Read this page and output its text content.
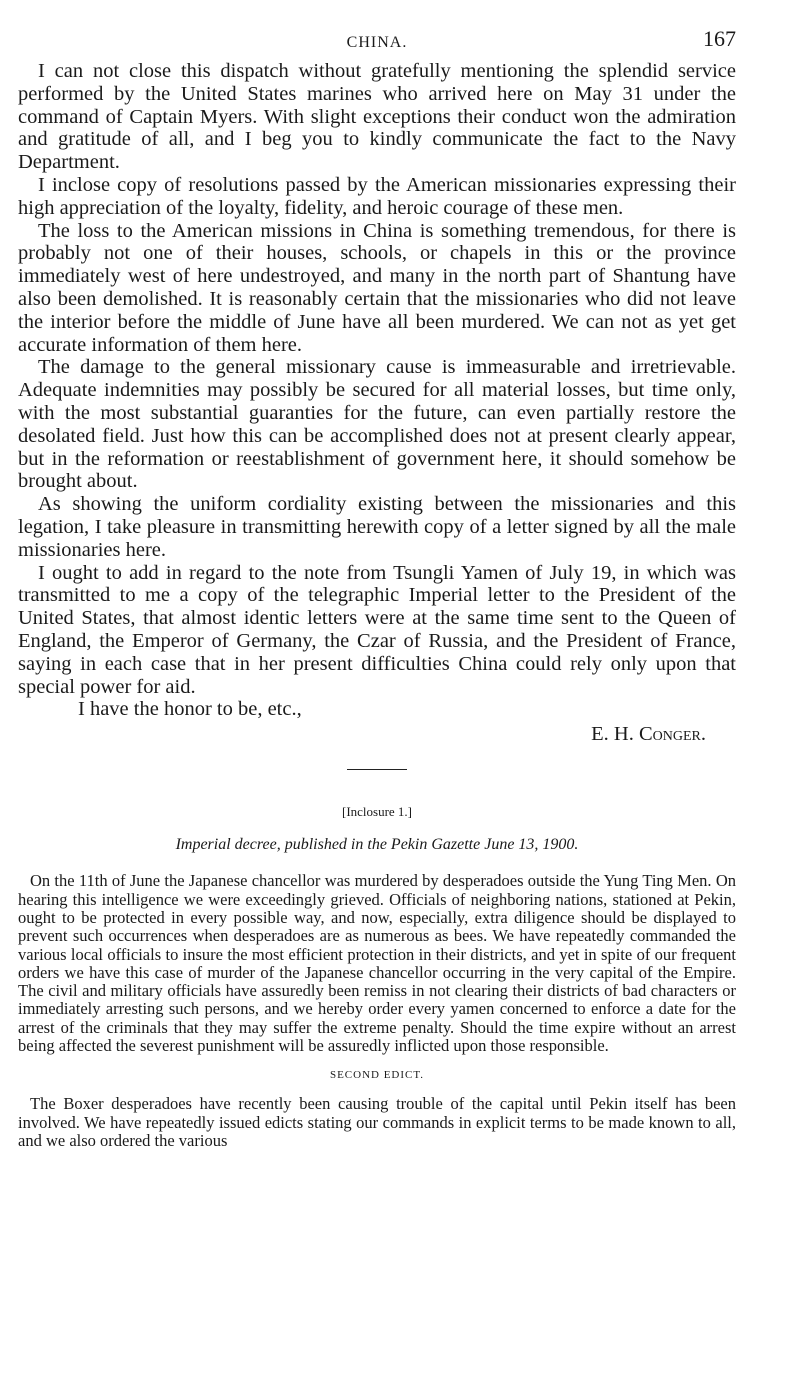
CHINA.	167

I can not close this dispatch without gratefully mentioning the splendid service performed by the United States marines who arrived here on May 31 under the command of Captain Myers. With slight exceptions their conduct won the admiration and gratitude of all, and I beg you to kindly communicate the fact to the Navy Department.

I inclose copy of resolutions passed by the American missionaries expressing their high appreciation of the loyalty, fidelity, and heroic courage of these men.

The loss to the American missions in China is something tremendous, for there is probably not one of their houses, schools, or chapels in this or the province immediately west of here undestroyed, and many in the north part of Shantung have also been demolished. It is reasonably certain that the missionaries who did not leave the interior before the middle of June have all been murdered. We can not as yet get accurate information of them here.

The damage to the general missionary cause is immeasurable and irretrievable. Adequate indemnities may possibly be secured for all material losses, but time only, with the most substantial guaranties for the future, can even partially restore the desolated field. Just how this can be accomplished does not at present clearly appear, but in the reformation or reestablishment of government here, it should somehow be brought about.

As showing the uniform cordiality existing between the missionaries and this legation, I take pleasure in transmitting herewith copy of a letter signed by all the male missionaries here.

I ought to add in regard to the note from Tsungli Yamen of July 19, in which was transmitted to me a copy of the telegraphic Imperial letter to the President of the United States, that almost identic letters were at the same time sent to the Queen of England, the Emperor of Germany, the Czar of Russia, and the President of France, saying in each case that in her present difficulties China could rely only upon that special power for aid.

I have the honor to be, etc.,
E. H. Conger.
[Inclosure 1.]
Imperial decree, published in the Pekin Gazette June 13, 1900.

On the 11th of June the Japanese chancellor was murdered by desperadoes outside the Yung Ting Men. On hearing this intelligence we were exceedingly grieved. Officials of neighboring nations, stationed at Pekin, ought to be protected in every possible way, and now, especially, extra diligence should be displayed to prevent such occurrences when desperadoes are as numerous as bees. We have repeatedly commanded the various local officials to insure the most efficient protection in their districts, and yet in spite of our frequent orders we have this case of murder of the Japanese chancellor occurring in the very capital of the Empire. The civil and military officials have assuredly been remiss in not clearing their districts of bad characters or immediately arresting such persons, and we hereby order every yamen concerned to enforce a date for the arrest of the criminals that they may suffer the extreme penalty. Should the time expire without an arrest being affected the severest punishment will be assuredly inflicted upon those responsible.

SECOND EDICT.

The Boxer desperadoes have recently been causing trouble of the capital until Pekin itself has been involved. We have repeatedly issued edicts stating our commands in explicit terms to be made known to all, and we also ordered the various
